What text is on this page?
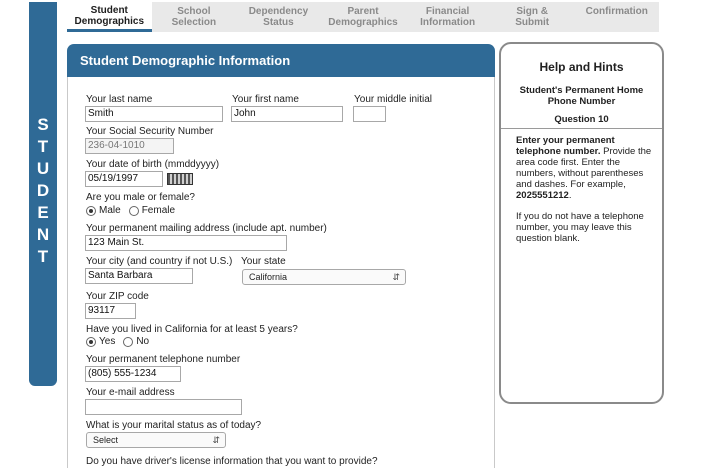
S
T
U
D
E
N
T
Student
Demographics
School
Selection
Dependency
Status
Parent
Demographics
Financial
Information
Sign &
Submit
Confirmation
Student Demographic Information
Your last name
Smith
Your first name
John
Your middle initial
Your Social Security Number
236-04-1010
Your date of birth (mmddyyyy)
05/19/1997
Are you male or female?
Male Female
Your permanent mailing address (include apt. number)
123 Main St.
Your city (and country if not U.S.)
Santa Barbara
Your state
California	⇵
Your ZIP code
93117
Have you lived in California for at least 5 years?
Yes No
Your permanent telephone number
(805) 555-1234
Your e-mail address
What is your marital status as of today?
Select	⇵
Do you have driver's license information that you want to provide?
Help and Hints
Student's Permanent Home Phone Number
Question 10

Enter your permanent telephone number. Provide the area code first. Enter the numbers, without parentheses and dashes. For example, 2025551212.

If you do not have a telephone number, you may leave this question blank.
